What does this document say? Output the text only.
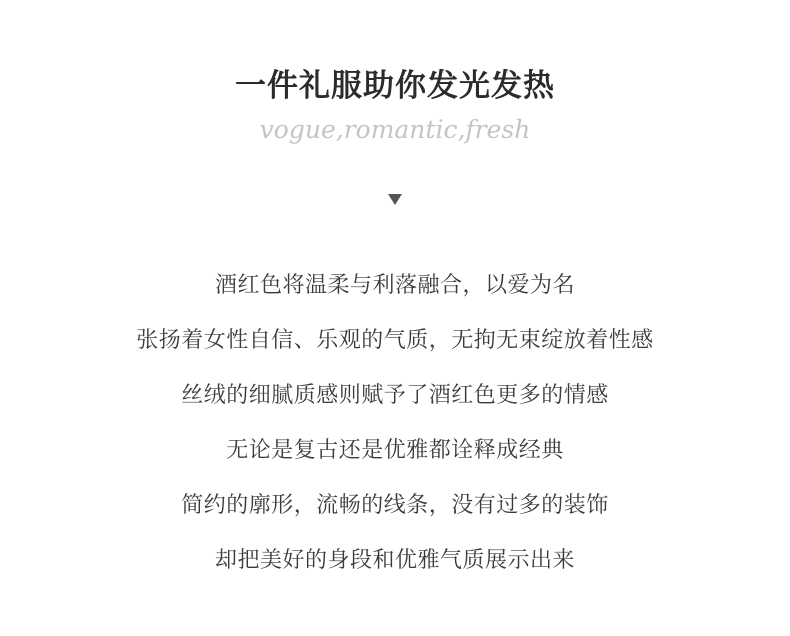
一件礼服助你发光发热
vogue,romantic,fresh
酒红色将温柔与利落融合，以爱为名
张扬着女性自信、乐观的气质，无拘无束绽放着性感
丝绒的细腻质感则赋予了酒红色更多的情感
无论是复古还是优雅都诠释成经典
简约的廓形，流畅的线条，没有过多的装饰
却把美好的身段和优雅气质展示出来
